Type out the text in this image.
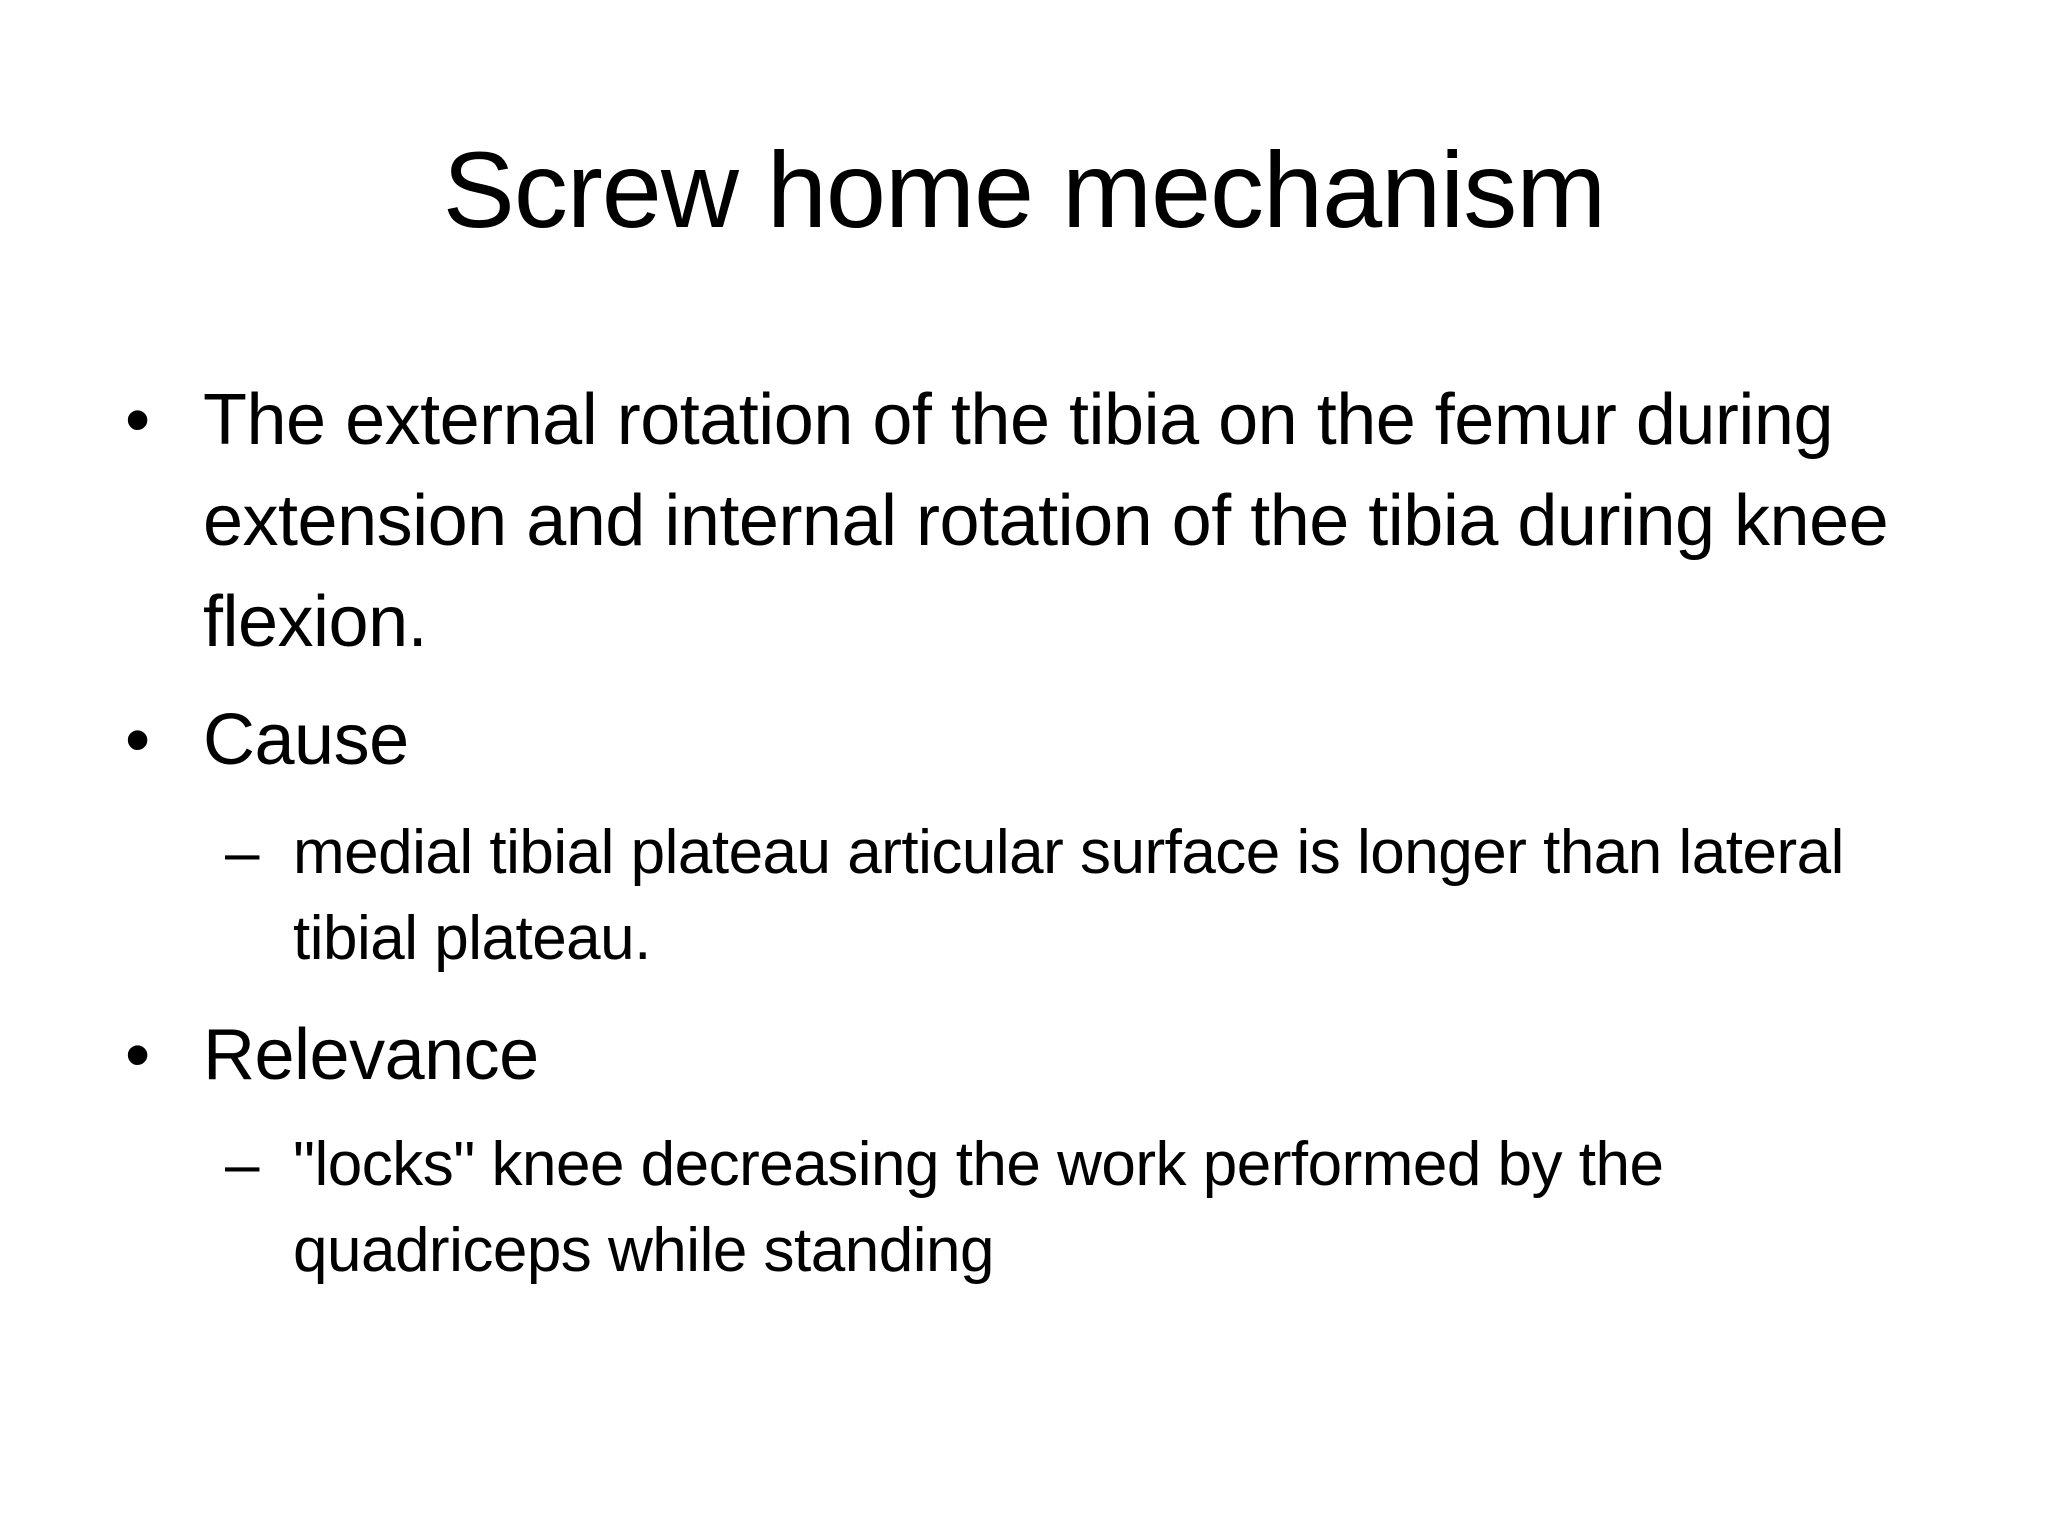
Screw home mechanism
• The external rotation of the tibia on the femur during extension and internal rotation of the tibia during knee flexion.
• Cause
– medial tibial plateau articular surface is longer than lateral tibial plateau.
• Relevance
– "locks" knee decreasing the work performed by the quadriceps while standing
